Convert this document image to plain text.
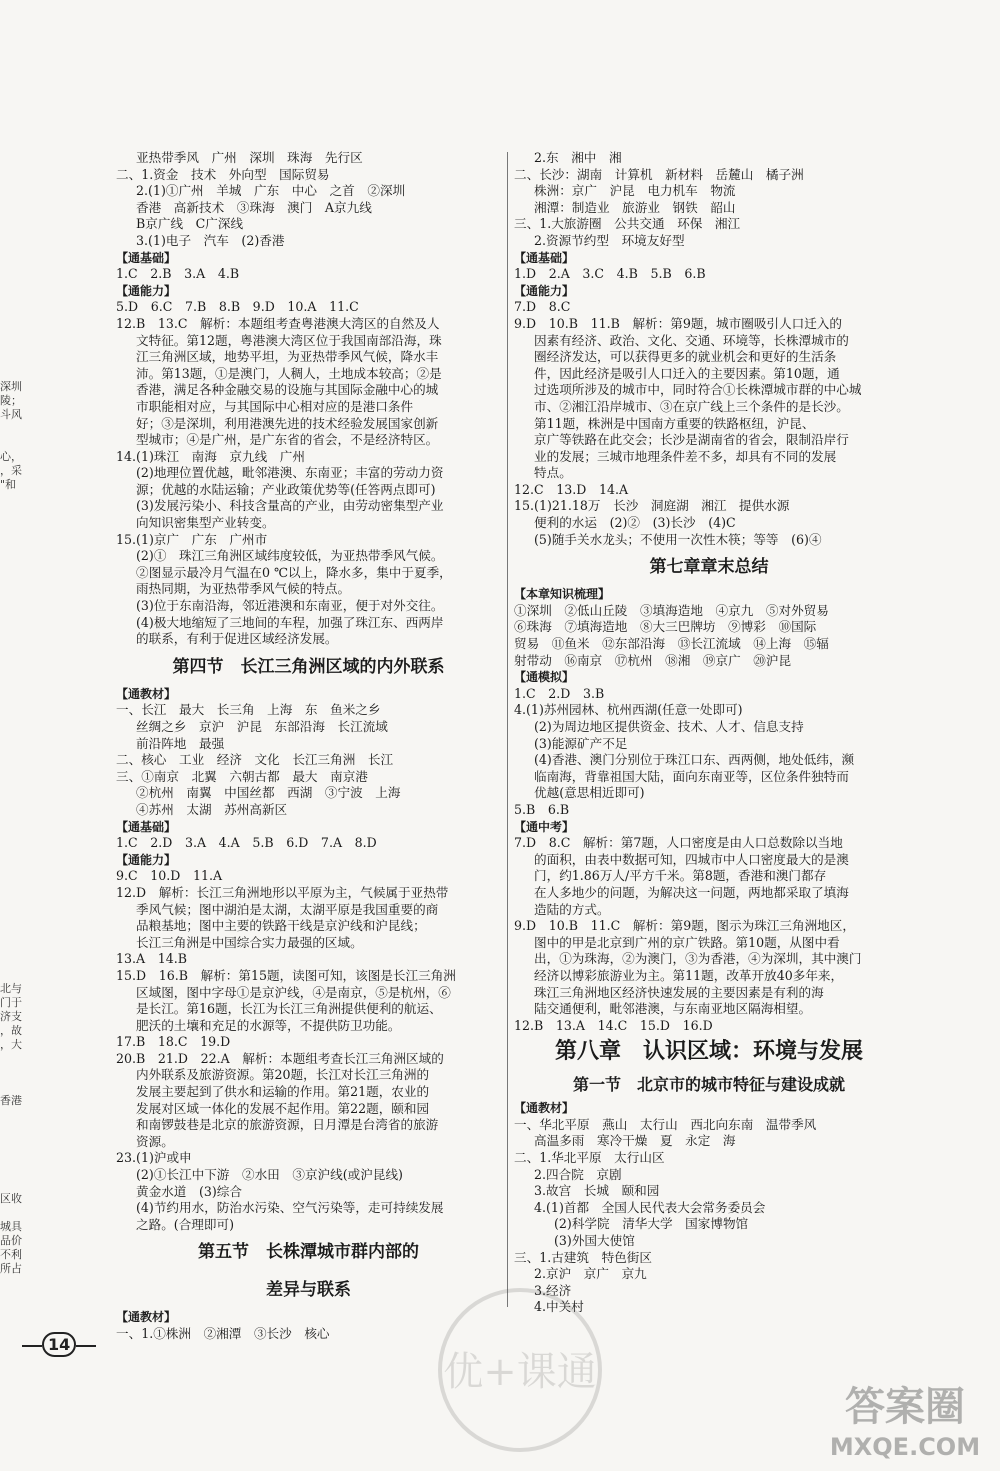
深圳
陵；
斗风
心，
，采
"和
北与
门于
济支
，故
，大
香港
区收
城具
品价
不利
所占
亚热带季风　广州　深圳　珠海　先行区
二、1.资金　技术　外向型　国际贸易
2.(1)①广州　羊城　广东　中心　之首　②深圳
香港　高新技术　③珠海　澳门　A京九线
B京广线　C广深线
3.(1)电子　汽车　(2)香港
【 通基础 】
1.C　2.B　3.A　4.B
【 通能力 】
5.D　6.C　7.B　8.B　9.D　10.A　11.C
12.B　13.C　解析：本题组考查粤港澳大湾区的自然及人
文特征。第12题，粤港澳大湾区位于我国南部沿海，珠
江三角洲区域，地势平坦，为亚热带季风气候，降水丰
沛。第13题，①是澳门，人稠人，土地成本较高；②是
香港，满足各种金融交易的设施与其国际金融中心的城
市职能相对应，与其国际中心相对应的是港口条件
好；③是深圳，利用港澳先进的技术经验发展国家创新
型城市；④是广州，是广东省的省会，不是经济特区。
14.(1)珠江　南海　京九线　广州
(2)地理位置优越，毗邻港澳、东南亚；丰富的劳动力资
源；优越的水陆运输；产业政策优势等(任答两点即可)
(3)发展污染小、科技含量高的产业，由劳动密集型产业
向知识密集型产业转变。
15.(1)京广　广东　广州市
(2)①　珠江三角洲区域纬度较低，为亚热带季风气候。
②图显示最冷月气温在0 ℃以上，降水多，集中于夏季，
雨热同期，为亚热带季风气候的特点。
(3)位于东南沿海，邻近港澳和东南亚，便于对外交往。
(4)极大地缩短了三地间的车程，加强了珠江东、西两岸
的联系，有利于促进区域经济发展。
第四节　长江三角洲区域的内外联系
【 通教材 】
一、长江　最大　长三角　上海　东　鱼米之乡
丝绸之乡　京沪　沪昆　东部沿海　长江流域
前沿阵地　最强
二、核心　工业　经济　文化　长江三角洲　长江
三、①南京　北翼　六朝古都　最大　南京港
②杭州　南翼　中国丝都　西湖　③宁波　上海
④苏州　太湖　苏州高新区
【 通基础 】
1.C　2.D　3.A　4.A　5.B　6.D　7.A　8.D
【 通能力 】
9.C　10.D　11.A
12.D　解析：长江三角洲地形以平原为主，气候属于亚热带
季风气候；图中湖泊是太湖，太湖平原是我国重要的商
品粮基地；图中主要的铁路干线是京沪线和沪昆线；
长江三角洲是中国综合实力最强的区域。
13.A　14.B
15.D　16.B　解析：第15题，读图可知，该图是长江三角洲
区域图，图中字母①是京沪线，④是南京，⑤是杭州，⑥
是长江。第16题，长江为长江三角洲提供便利的航运、
肥沃的土壤和充足的水源等，不提供防卫功能。
17.B　18.C　19.D
20.B　21.D　22.A　解析：本题组考查长江三角洲区域的
内外联系及旅游资源。第20题，长江对长江三角洲的
发展主要起到了供水和运输的作用。第21题，农业的
发展对区域一体化的发展不起作用。第22题，颐和园
和南锣鼓巷是北京的旅游资源，日月潭是台湾省的旅游
资源。
23.(1)沪或申
(2)①长江中下游　②水田　③京沪线(或沪昆线)
黄金水道　(3)综合
(4)节约用水，防治水污染、空气污染等，走可持续发展
之路。(合理即可)
第五节　长株潭城市群内部的
差异与联系
【 通教材 】
一、1.①株洲　②湘潭　③长沙　核心
2.东　湘中　湘
二、长沙：湖南　计算机　新材料　岳麓山　橘子洲
株洲：京广　沪昆　电力机车　物流
湘潭：制造业　旅游业　钢铁　韶山
三、1.大旅游圈　公共交通　环保　湘江
2.资源节约型　环境友好型
【 通基础 】
1.D　2.A　3.C　4.B　5.B　6.B
【 通能力 】
7.D　8.C
9.D　10.B　11.B　解析：第9题，城市圈吸引人口迁入的
因素有经济、政治、文化、交通、环境等，长株潭城市的
圈经济发达，可以获得更多的就业机会和更好的生活条
件，因此经济是吸引人口迁入的主要因素。第10题，通
过选项所涉及的城市中，同时符合①长株潭城市群的中心城
市、②湘江沿岸城市、③在京广线上三个条件的是长沙。
第11题，株洲是中国南方重要的铁路枢纽，沪昆、
京广等铁路在此交会；长沙是湖南省的省会，限制沿岸行
业的发展；三城市地理条件差不多，却具有不同的发展
特点。
12.C　13.D　14.A
15.(1)21.18万　长沙　洞庭湖　湘江　提供水源
便利的水运　(2)②　(3)长沙　(4)C
(5)随手关水龙头；不使用一次性木筷；等等　(6)④
第七章章末总结
【 本章知识梳理 】
①深圳　②低山丘陵　③填海造地　④京九　⑤对外贸易
⑥珠海　⑦填海造地　⑧大三巴牌坊　⑨博彩　⑩国际
贸易　⑪鱼米　⑫东部沿海　⑬长江流域　⑭上海　⑮辐
射带动　⑯南京　⑰杭州　⑱湘　⑲京广　⑳沪昆
【 通模拟 】
1.C　2.D　3.B
4.(1)苏州园林、杭州西湖(任意一处即可)
(2)为周边地区提供资金、技术、人才、信息支持
(3)能源矿产不足
(4)香港、澳门分别位于珠江口东、西两侧，地处低纬，濒
临南海，背靠祖国大陆，面向东南亚等，区位条件独特而
优越(意思相近即可)
5.B　6.B
【 通中考 】
7.D　8.C　解析：第7题，人口密度是由人口总数除以当地
的面积，由表中数据可知，四城市中人口密度最大的是澳
门，约1.86万人/平方千米。第8题，香港和澳门都存
在人多地少的问题，为解决这一问题，两地都采取了填海
造陆的方式。
9.D　10.B　11.C　解析：第9题，图示为珠江三角洲地区，
图中的甲是北京到广州的京广铁路。第10题，从图中看
出，①为珠海，②为澳门，③为香港，④为深圳，其中澳门
经济以博彩旅游业为主。第11题，改革开放40多年来，
珠江三角洲地区经济快速发展的主要因素是有利的海
陆交通便利，毗邻港澳，与东南亚地区隔海相望。
12.B　13.A　14.C　15.D　16.D
第八章　认识区域：环境与发展
第一节　北京市的城市特征与建设成就
【 通教材 】
一、华北平原　燕山　太行山　西北向东南　温带季风
高温多雨　寒冷干燥　夏　永定　海
二、1.华北平原　太行山区
2.四合院　京剧
3.故宫　长城　颐和园
4.(1)首都　全国人民代表大会常务委员会
(2)科学院　清华大学　国家博物馆
(3)外国大使馆
三、1.古建筑　特色街区
2.京沪　京广　京九
3.经济
4.中关村
14
优+课通
答案圈
MXQE.COM
